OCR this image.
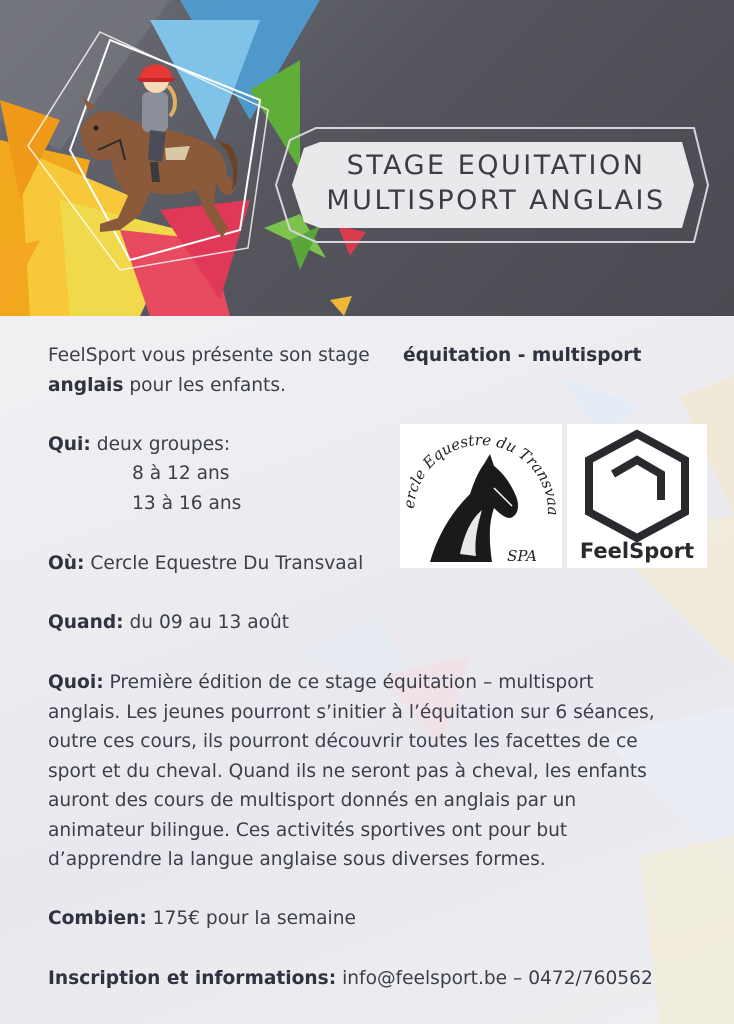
STAGE EQUITATION
MULTISPORT ANGLAIS
FeelSport vous présente son stage équitation - multisport
anglais pour les enfants.
Qui: deux groupes:
8 à 12 ans
13 à 16 ans
Où: Cercle Equestre Du Transvaal
Quand: du 09 au 13 août
Quoi: Première édition de ce stage équitation – multisport
anglais. Les jeunes pourront s’initier à l’équitation sur 6 séances,
outre ces cours, ils pourront découvrir toutes les facettes de ce
sport et du cheval. Quand ils ne seront pas à cheval, les enfants
auront des cours de multisport donnés en anglais par un
animateur bilingue. Ces activités sportives ont pour but
d’apprendre la langue anglaise sous diverses formes.
Combien: 175€ pour la semaine
Inscription et informations: info@feelsport.be – 0472/760562
ercle Equestre du Transvaa
SPA FeelSport
